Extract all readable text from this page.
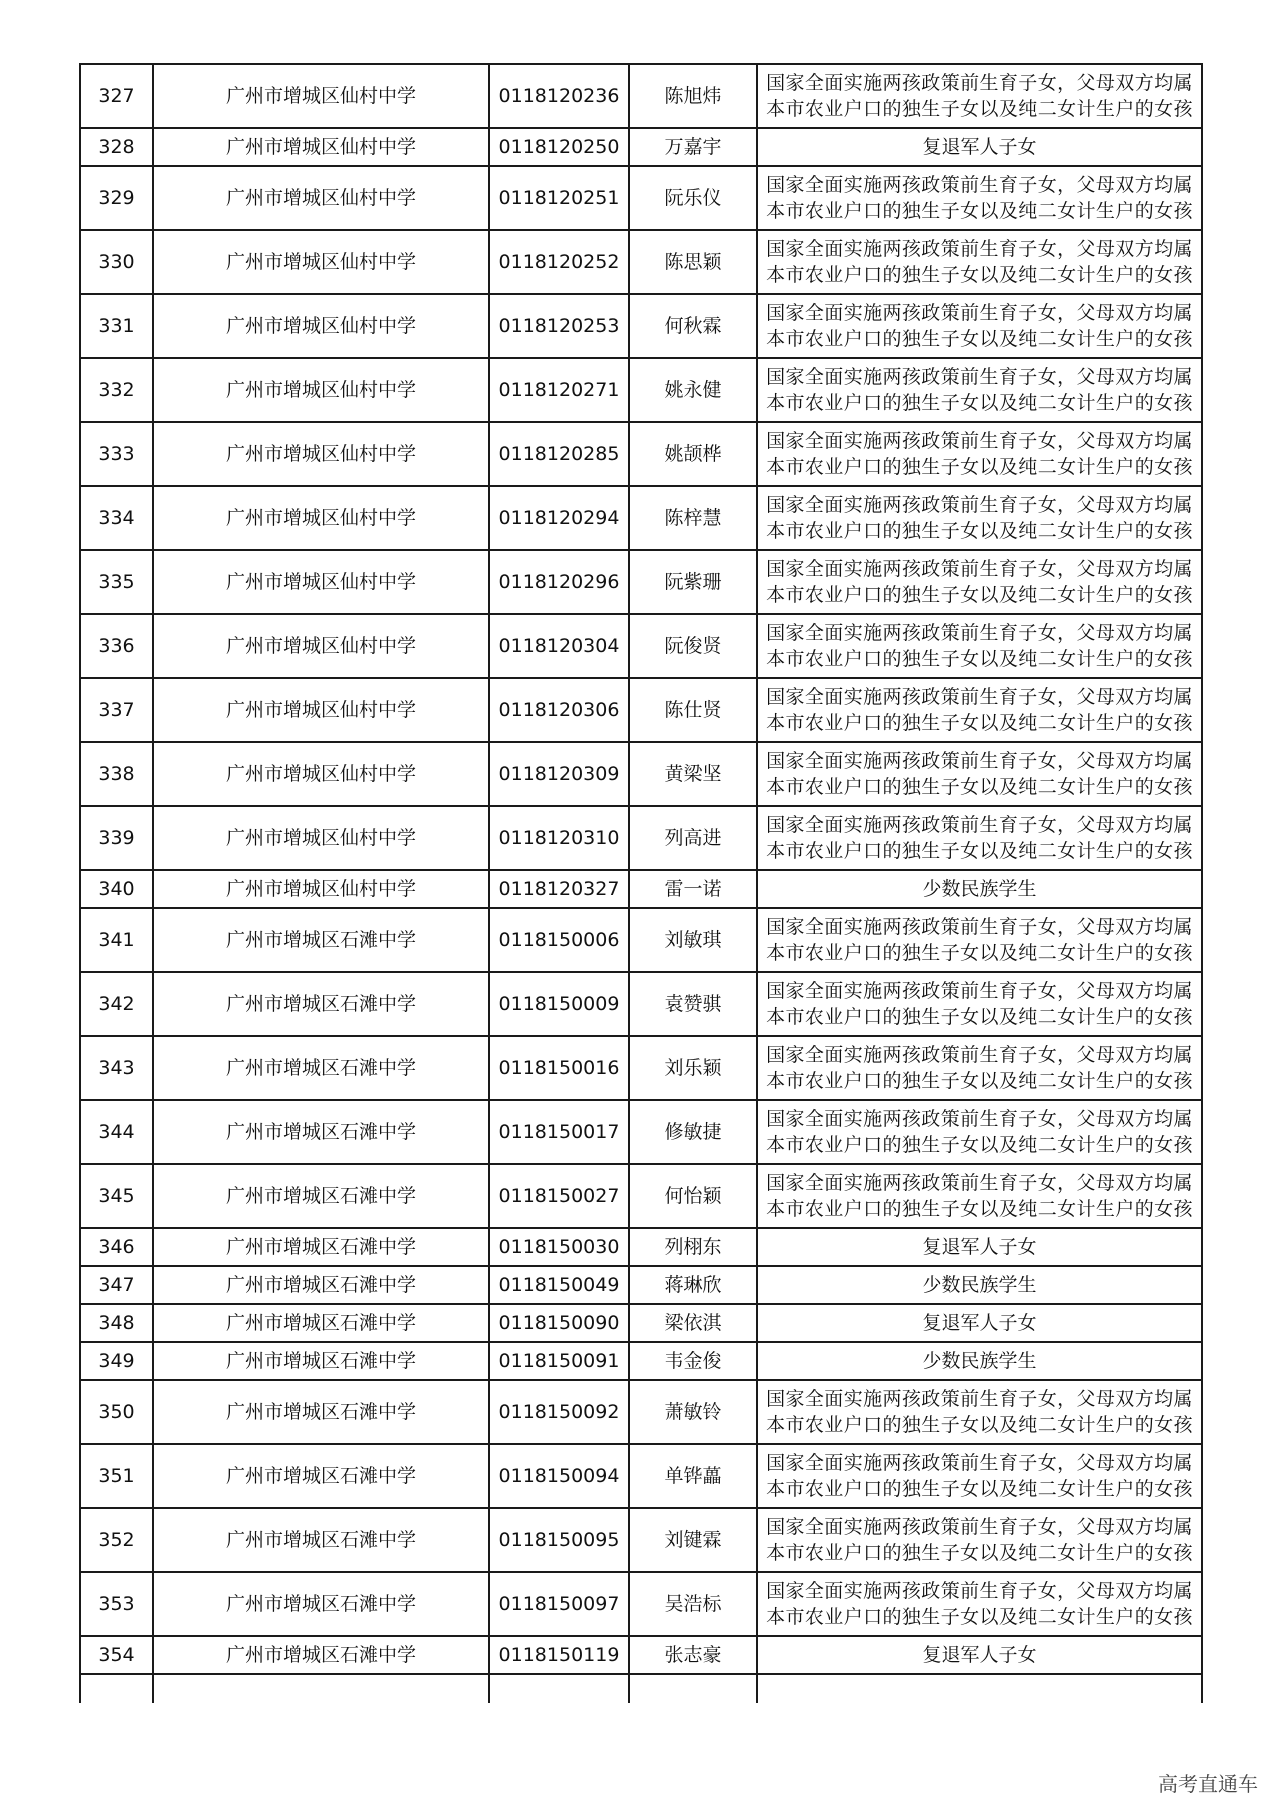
327	广州市增城区仙村中学	0118120236	陈旭炜	国家全面实施两孩政策前生育子女，父母双方均属本市农业户口的独生子女以及纯二女计生户的女孩
328	广州市增城区仙村中学	0118120250	万嘉宇	复退军人子女
329	广州市增城区仙村中学	0118120251	阮乐仪	国家全面实施两孩政策前生育子女，父母双方均属本市农业户口的独生子女以及纯二女计生户的女孩
330	广州市增城区仙村中学	0118120252	陈思颖	国家全面实施两孩政策前生育子女，父母双方均属本市农业户口的独生子女以及纯二女计生户的女孩
331	广州市增城区仙村中学	0118120253	何秋霖	国家全面实施两孩政策前生育子女，父母双方均属本市农业户口的独生子女以及纯二女计生户的女孩
332	广州市增城区仙村中学	0118120271	姚永健	国家全面实施两孩政策前生育子女，父母双方均属本市农业户口的独生子女以及纯二女计生户的女孩
333	广州市增城区仙村中学	0118120285	姚颉桦	国家全面实施两孩政策前生育子女，父母双方均属本市农业户口的独生子女以及纯二女计生户的女孩
334	广州市增城区仙村中学	0118120294	陈梓慧	国家全面实施两孩政策前生育子女，父母双方均属本市农业户口的独生子女以及纯二女计生户的女孩
335	广州市增城区仙村中学	0118120296	阮紫珊	国家全面实施两孩政策前生育子女，父母双方均属本市农业户口的独生子女以及纯二女计生户的女孩
336	广州市增城区仙村中学	0118120304	阮俊贤	国家全面实施两孩政策前生育子女，父母双方均属本市农业户口的独生子女以及纯二女计生户的女孩
337	广州市增城区仙村中学	0118120306	陈仕贤	国家全面实施两孩政策前生育子女，父母双方均属本市农业户口的独生子女以及纯二女计生户的女孩
338	广州市增城区仙村中学	0118120309	黄梁坚	国家全面实施两孩政策前生育子女，父母双方均属本市农业户口的独生子女以及纯二女计生户的女孩
339	广州市增城区仙村中学	0118120310	列高进	国家全面实施两孩政策前生育子女，父母双方均属本市农业户口的独生子女以及纯二女计生户的女孩
340	广州市增城区仙村中学	0118120327	雷一诺	少数民族学生
341	广州市增城区石滩中学	0118150006	刘敏琪	国家全面实施两孩政策前生育子女，父母双方均属本市农业户口的独生子女以及纯二女计生户的女孩
342	广州市增城区石滩中学	0118150009	袁赞骐	国家全面实施两孩政策前生育子女，父母双方均属本市农业户口的独生子女以及纯二女计生户的女孩
343	广州市增城区石滩中学	0118150016	刘乐颖	国家全面实施两孩政策前生育子女，父母双方均属本市农业户口的独生子女以及纯二女计生户的女孩
344	广州市增城区石滩中学	0118150017	修敏捷	国家全面实施两孩政策前生育子女，父母双方均属本市农业户口的独生子女以及纯二女计生户的女孩
345	广州市增城区石滩中学	0118150027	何怡颖	国家全面实施两孩政策前生育子女，父母双方均属本市农业户口的独生子女以及纯二女计生户的女孩
346	广州市增城区石滩中学	0118150030	列栩东	复退军人子女
347	广州市增城区石滩中学	0118150049	蒋琳欣	少数民族学生
348	广州市增城区石滩中学	0118150090	梁依淇	复退军人子女
349	广州市增城区石滩中学	0118150091	韦金俊	少数民族学生
350	广州市增城区石滩中学	0118150092	萧敏铃	国家全面实施两孩政策前生育子女，父母双方均属本市农业户口的独生子女以及纯二女计生户的女孩
351	广州市增城区石滩中学	0118150094	单铧藟	国家全面实施两孩政策前生育子女，父母双方均属本市农业户口的独生子女以及纯二女计生户的女孩
352	广州市增城区石滩中学	0118150095	刘键霖	国家全面实施两孩政策前生育子女，父母双方均属本市农业户口的独生子女以及纯二女计生户的女孩
353	广州市增城区石滩中学	0118150097	吴浩标	国家全面实施两孩政策前生育子女，父母双方均属本市农业户口的独生子女以及纯二女计生户的女孩
354	广州市增城区石滩中学	0118150119	张志豪	复退军人子女

高考直通车
